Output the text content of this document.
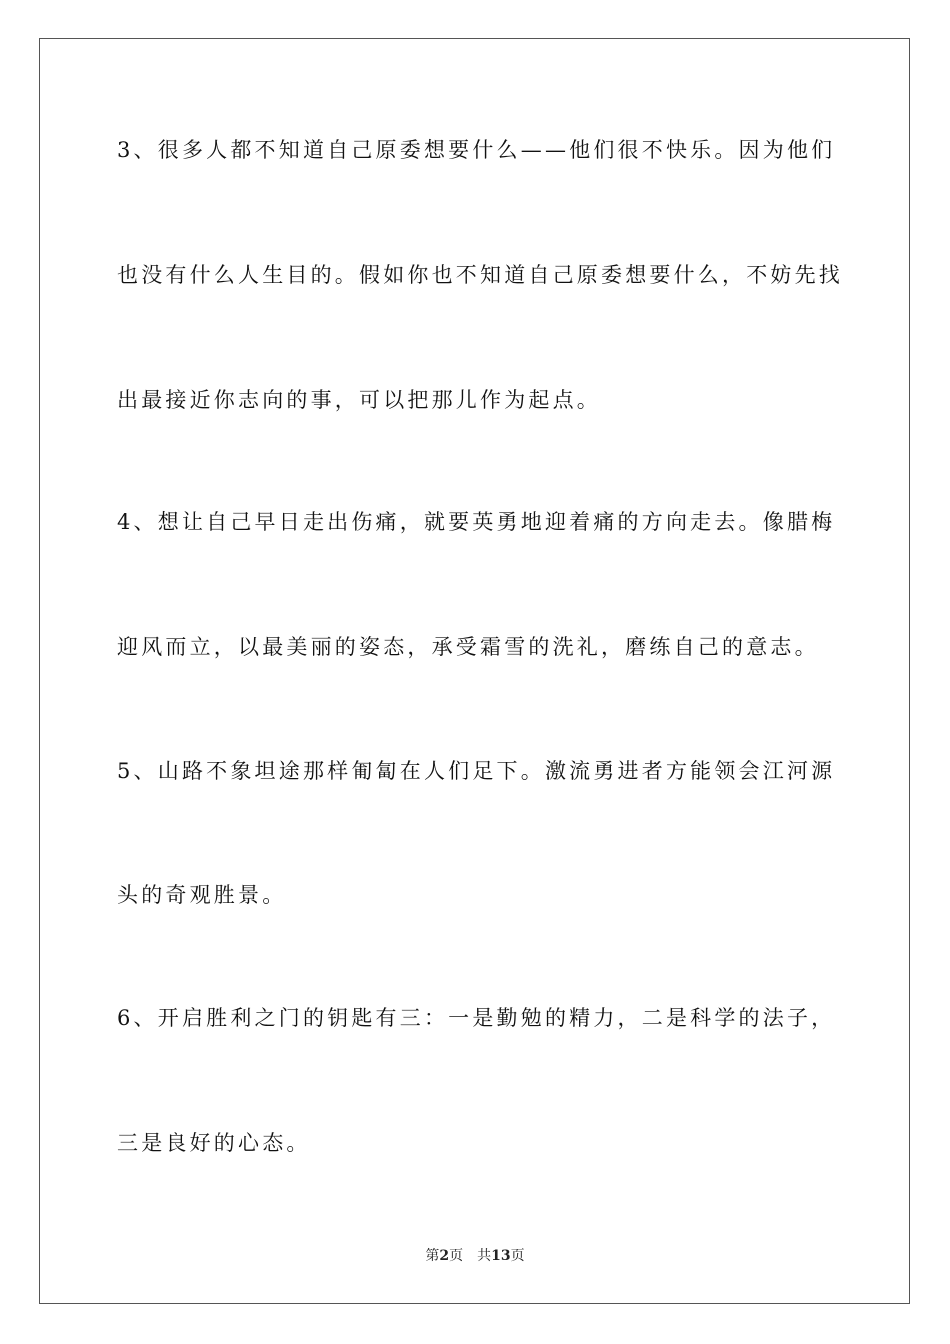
3、很多人都不知道自己原委想要什么——他们很不快乐。因为他们
也没有什么人生目的。假如你也不知道自己原委想要什么，不妨先找
出最接近你志向的事，可以把那儿作为起点。
4、想让自己早日走出伤痛，就要英勇地迎着痛的方向走去。像腊梅
迎风而立，以最美丽的姿态，承受霜雪的洗礼，磨练自己的意志。
5、山路不象坦途那样匍匐在人们足下。激流勇进者方能领会江河源
头的奇观胜景。
6、开启胜利之门的钥匙有三：一是勤勉的精力，二是科学的法子，
三是良好的心态。
第2页 共13页
